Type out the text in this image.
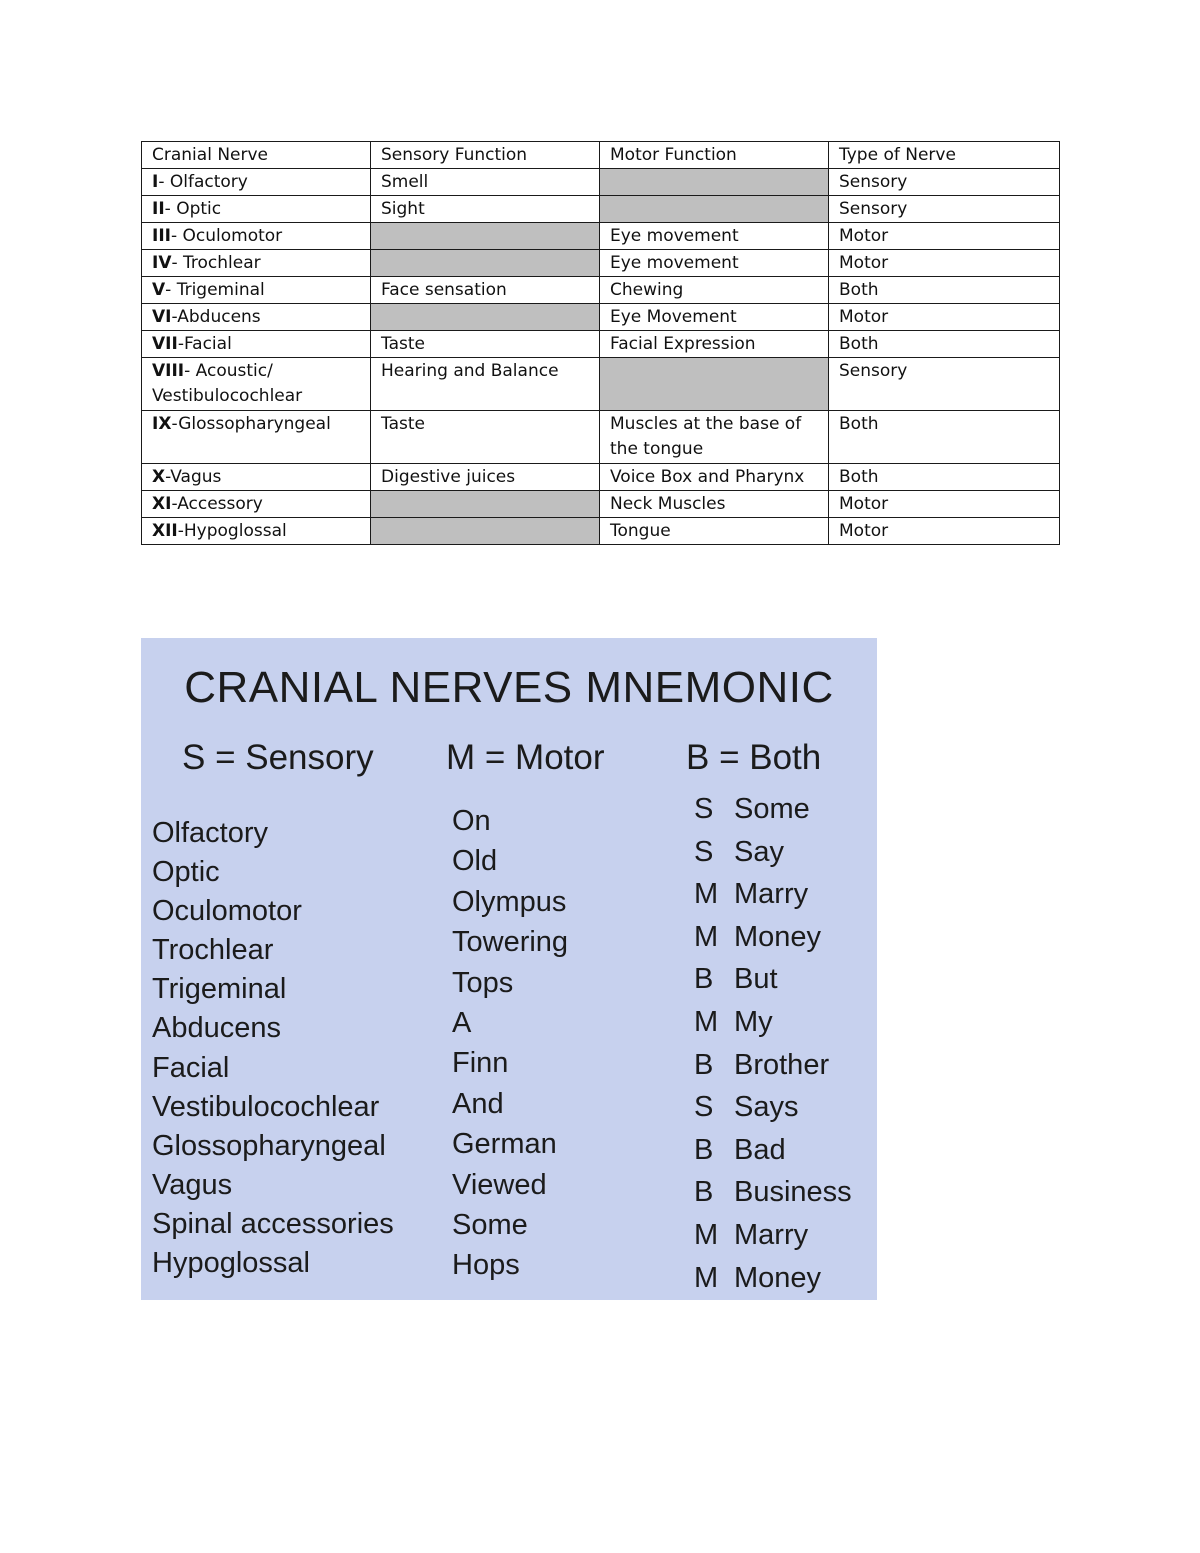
Cranial Nerve	Sensory Function	Motor Function	Type of Nerve
I- Olfactory	Smell		Sensory
II- Optic	Sight		Sensory
III- Oculomotor		Eye movement	Motor
IV- Trochlear		Eye movement	Motor
V- Trigeminal	Face sensation	Chewing	Both
VI-Abducens		Eye Movement	Motor
VII-Facial	Taste	Facial Expression	Both
VIII- Acoustic/ Vestibulocochlear	Hearing and Balance		Sensory
IX-Glossopharyngeal	Taste	Muscles at the base of the tongue	Both
X-Vagus	Digestive juices	Voice Box and Pharynx	Both
XI-Accessory		Neck Muscles	Motor
XII-Hypoglossal		Tongue	Motor
CRANIAL NERVES MNEMONIC
S = Sensory M = Motor B = Both
Olfactory
Optic
Oculomotor
Trochlear
Trigeminal
Abducens
Facial
Vestibulocochlear
Glossopharyngeal
Vagus
Spinal accessories
Hypoglossal
On
Old
Olympus
Towering
Tops
A
Finn
And
German
Viewed
Some
Hops
S Some
S Say
M Marry
M Money
B But
M My
B Brother
S Says
B Bad
B Business
M Marry
M Money
